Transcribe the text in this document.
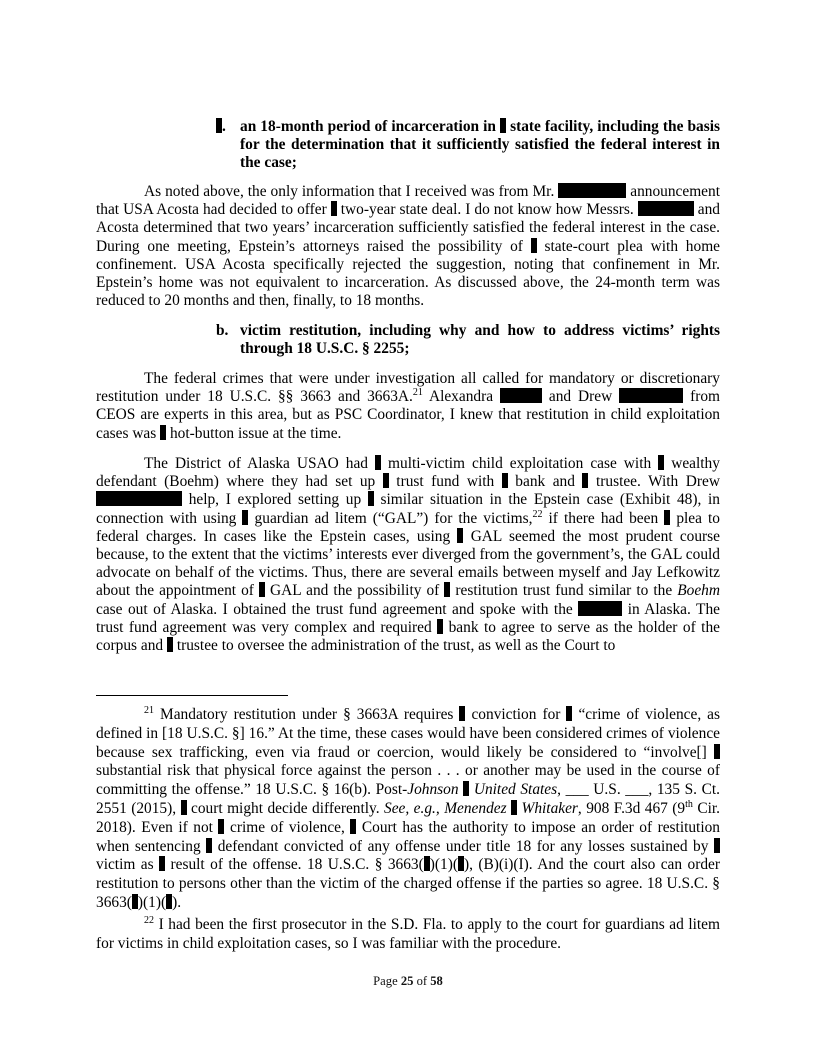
. an 18-month period of incarceration in state facility, including the basis for the determination that it sufficiently satisfied the federal interest in the case;
As noted above, the only information that I received was from Mr.	announcement that USA Acosta had decided to offer two-year state deal. I do not know how Messrs.	and Acosta determined that two years’ incarceration sufficiently satisfied the federal interest in the case. During one meeting, Epstein’s attorneys raised the possibility of state-court plea with home confinement. USA Acosta specifically rejected the suggestion, noting that confinement in Mr. Epstein’s home was not equivalent to incarceration. As discussed above, the 24-month term was reduced to 20 months and then, finally, to 18 months.
b. victim restitution, including why and how to address victims’ rights through 18 U.S.C. § 2255;
The federal crimes that were under investigation all called for mandatory or discretionary restitution under 18 U.S.C. §§ 3663 and 3663A.$^{21}$ Alexandra	and Drew	from CEOS are experts in this area, but as PSC Coordinator, I knew that restitution in child exploitation cases was hot-button issue at the time.
The District of Alaska USAO had multi-victim child exploitation case with wealthy defendant (Boehm) where they had set up trust fund with bank and trustee. With Drew  help, I explored setting up similar situation in the Epstein case (Exhibit 48), in connection with using guardian ad litem (“GAL”) for the victims,$^{22}$ if there had been plea to federal charges. In cases like the Epstein cases, using GAL seemed the most prudent course because, to the extent that the victims’ interests ever diverged from the government’s, the GAL could advocate on behalf of the victims. Thus, there are several emails between myself and Jay Lefkowitz about the appointment of GAL and the possibility of restitution trust fund similar to the Boehm case out of Alaska. I obtained the trust fund agreement and spoke with the	in Alaska. The trust fund agreement was very complex and required bank to agree to serve as the holder of the corpus and trustee to oversee the administration of the trust, as well as the Court to
$^{21}$ Mandatory restitution under § 3663A requires conviction for “crime of violence, as defined in [18 U.S.C. §] 16.” At the time, these cases would have been considered crimes of violence because sex trafficking, even via fraud or coercion, would likely be considered to “involve[]  substantial risk that physical force against the person . . . or another may be used in the course of committing the offense.” 18 U.S.C. § 16(b). Post-Johnson United States, ___ U.S. ___, 135 S. Ct. 2551 (2015), court might decide differently. See, e.g., Menendez Whitaker, 908 F.3d 467 (9th Cir. 2018). Even if not crime of violence, Court has the authority to impose an order of restitution when sentencing defendant convicted of any offense under title 18 for any losses sustained by  victim as result of the offense. 18 U.S.C. § 3663( )(1)( ), (B)(i)(I). And the court also can order restitution to persons other than the victim of the charged offense if the parties so agree. 18 U.S.C. § 3663( )(1)( ).
$^{22}$ I had been the first prosecutor in the S.D. Fla. to apply to the court for guardians ad litem for victims in child exploitation cases, so I was familiar with the procedure.
Page 25 of 58
